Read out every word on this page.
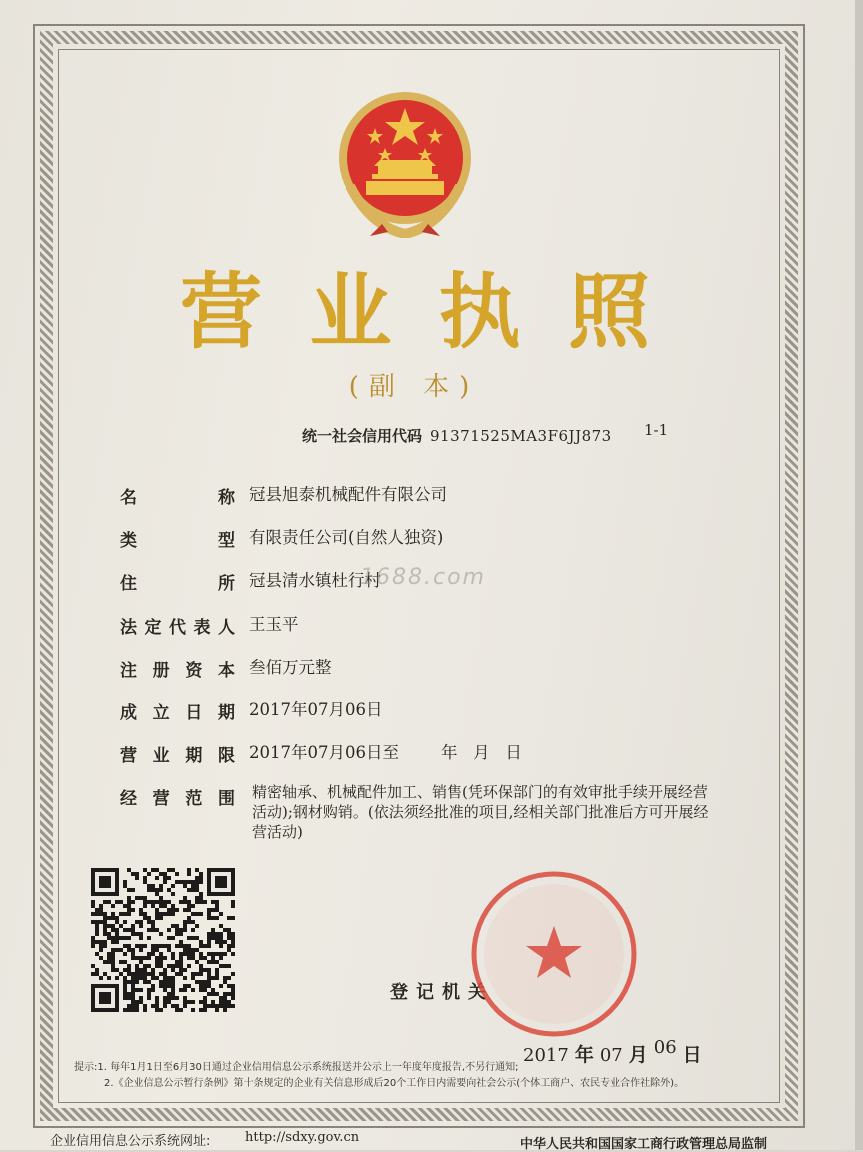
营 业 执 照
(副 本)
统一社会信用代码 91371525MA3F6JJ873 1-1
名	称 冠县旭泰机械配件有限公司
类	型 有限责任公司(自然人独资)
住	所 冠县清水镇杜行村
1688.com
法 定 代 表 人 王玉平
注 册 资 本 叁佰万元整
成 立 日 期 2017年07月06日
营 业 期 限 2017年07月06日至        年   月   日
经 营 范 围 精密轴承、机械配件加工、销售(凭环保部门的有效审批手续开展经营活动);钢材购销。(依法须经批准的项目,经相关部门批准后方可开展经营活动)
登记机关
2017 年 07 月 06 日
提示:1. 每年1月1日至6月30日通过企业信用信息公示系统报送并公示上一年度年度报告,不另行通知;
2.《企业信息公示暂行条例》第十条规定的企业有关信息形成后20个工作日内需要向社会公示(个体工商户、农民专业合作社除外)。
企业信用信息公示系统网址:	http://sdxy.gov.cn	中华人民共和国国家工商行政管理总局监制
